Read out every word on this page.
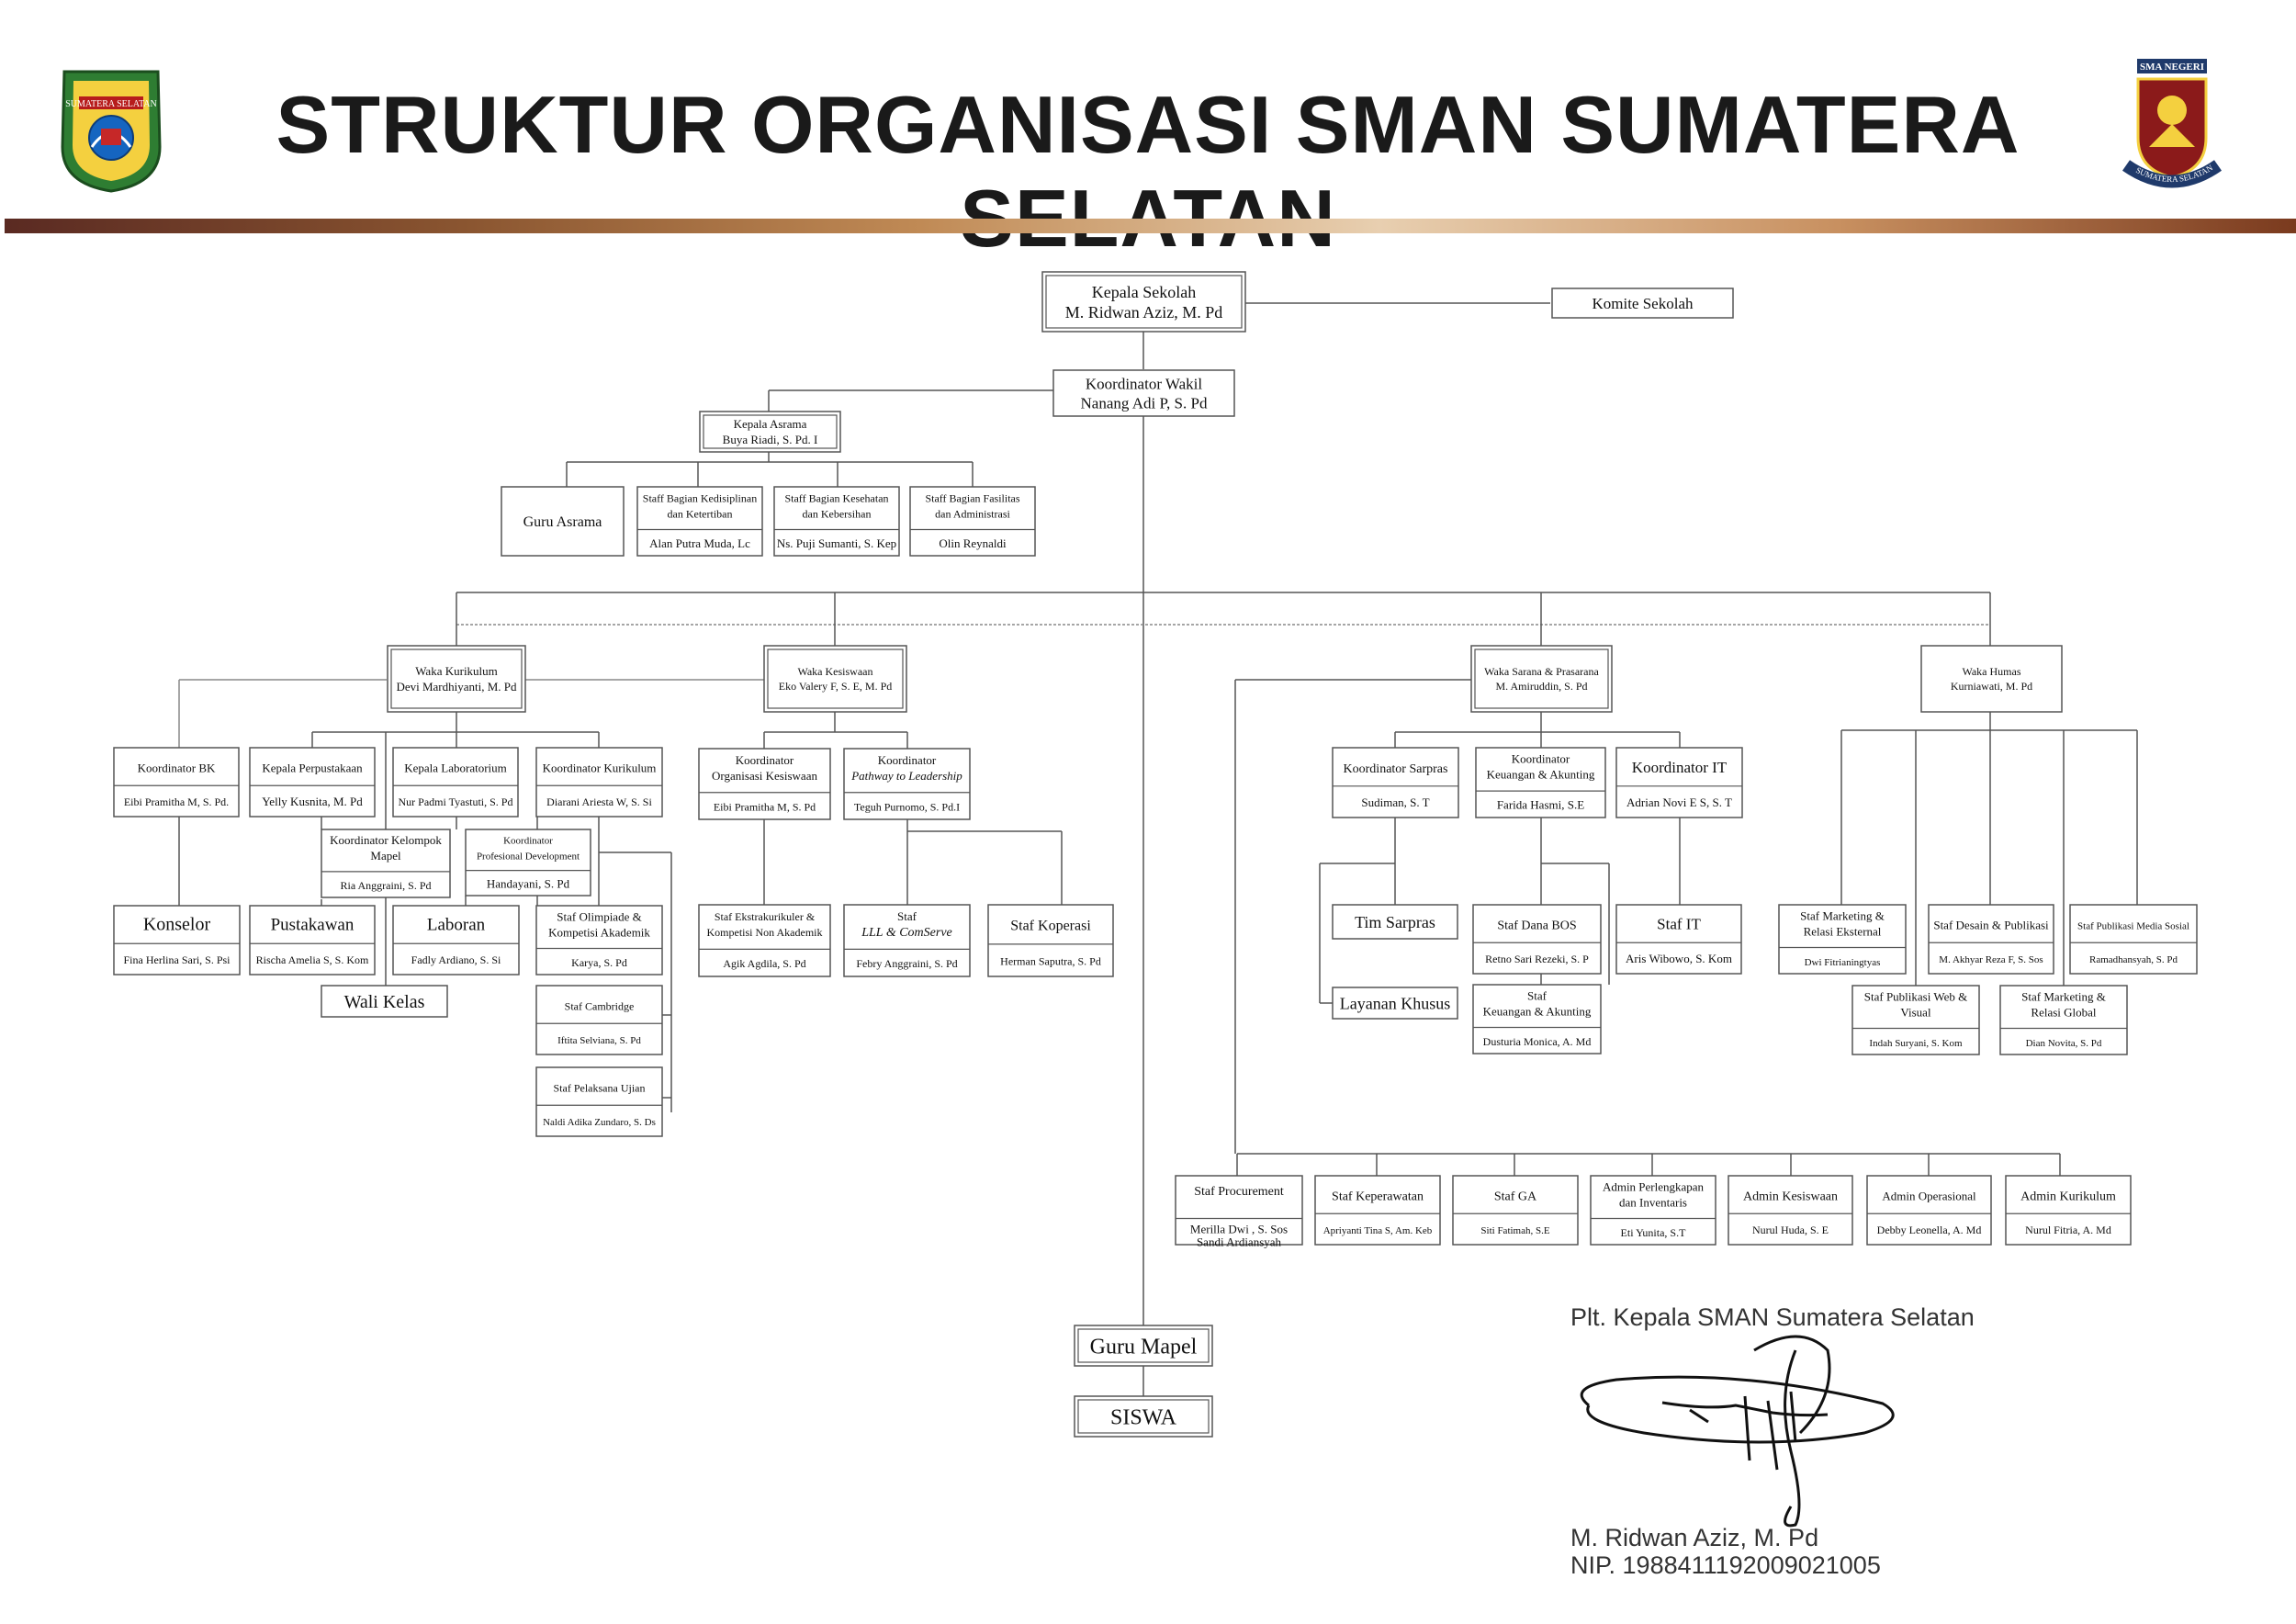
STRUKTUR ORGANISASI SMAN SUMATERA
SUMATERA SELATAN
SMA NEGERI
SUMATERA SELATAN
Kepala Sekolah
M. Ridwan Aziz, M. Pd	Komite Sekolah
Koordinator Wakil
Nanang Adi P, S. Pd
Kepala Asrama
Buya Riadi, S. Pd. I
Guru Asrama
Staff Bagian Kedisiplinan
dan Ketertiban
Alan Putra Muda, Lc
Staff Bagian Kesehatan
dan Kebersihan
Ns. Puji Sumanti, S. Kep
Staff Bagian Fasilitas
dan Administrasi
Olin Reynaldi
Waka Kurikulum
Devi Mardhiyanti, M. Pd
Waka Kesiswaan
Eko Valery F, S. E, M. Pd
Waka Sarana & Prasarana
M. Amiruddin, S. Pd
Waka Humas
Kurniawati, M. Pd
Koordinator BK
Eibi Pramitha M, S. Pd.
Kepala Perpustakaan
Yelly Kusnita, M. Pd
Kepala Laboratorium
Nur Padmi Tyastuti, S. Pd
Koordinator Kurikulum
Diarani Ariesta W, S. Si
Koordinator Kelompok
Mapel
Ria Anggraini, S. Pd
Koordinator
Profesional Development
Handayani, S. Pd
Konselor
Fina Herlina Sari, S. Psi
Pustakawan
Rischa Amelia S, S. Kom
Laboran
Fadly Ardiano, S. Si
Staf Olimpiade &
Kompetisi Akademik
Karya, S. Pd
Wali Kelas	Staf Cambridge
Iftita Selviana, S. Pd
Staf Pelaksana Ujian
Naldi Adika Zundaro, S. Ds
Koordinator
Organisasi Kesiswaan
Eibi Pramitha M, S. Pd
Koordinator
Pathway to Leadership
Teguh Purnomo, S. Pd.I
Staf Ekstrakurikuler &
Kompetisi Non Akademik
Agik Agdila, S. Pd
Staf
LLL & ComServe
Febry Anggraini, S. Pd
Staf Koperasi
Herman Saputra, S. Pd
Koordinator Sarpras
Sudiman, S. T
Koordinator
Keuangan & Akunting
Farida Hasmi, S.E
Koordinator IT
Adrian Novi E S, S. T
Tim Sarpras
Layanan Khusus
Staf Dana BOS
Retno Sari Rezeki, S. P
Staf
Keuangan & Akunting
Dusturia Monica, A. Md
Staf IT
Aris Wibowo, S. Kom
Staf Marketing &
Relasi Eksternal
Dwi Fitrianingtyas
Staf Desain & Publikasi
M. Akhyar Reza F, S. Sos
Staf Publikasi Media Sosial
Ramadhansyah, S. Pd
Staf Publikasi Web &
Visual
Indah Suryani, S. Kom
Staf Marketing &
Relasi Global
Dian Novita, S. Pd
Staf Procurement
Merilla Dwi , S. Sos
Sandi Ardiansyah
Staf Keperawatan
Apriyanti Tina S, Am. Keb
Staf GA
Siti Fatimah, S.E
Admin Perlengkapan
dan Inventaris
Eti Yunita, S.T
Admin Kesiswaan
Nurul Huda, S. E
Admin Operasional
Debby Leonella, A. Md
Admin Kurikulum
Nurul Fitria, A. Md
Guru Mapel
SISWA
Plt. Kepala SMAN Sumatera Selatan
M. Ridwan Aziz, M. Pd
NIP. 198841119200902100​5
